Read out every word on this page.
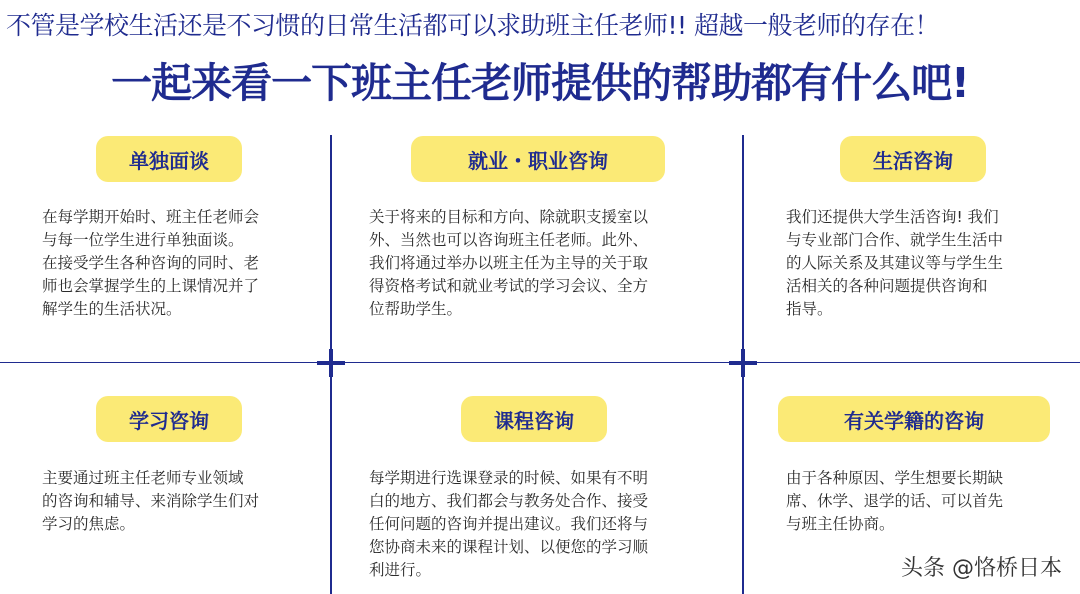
不管是学校生活还是不习惯的日常生活都可以求助班主任老师!! 超越一般老师的存在！
一起来看一下班主任老师提供的帮助都有什么吧!
单独面谈
在每学期开始时、班主任老师会
与每一位学生进行单独面谈。
在接受学生各种咨询的同时、老
师也会掌握学生的上课情况并了
解学生的生活状况。
就业・职业咨询
关于将来的目标和方向、除就职支援室以
外、当然也可以咨询班主任老师。此外、
我们将通过举办以班主任为主导的关于取
得资格考试和就业考试的学习会议、全方
位帮助学生。
生活咨询
我们还提供大学生活咨询! 我们
与专业部门合作、就学生生活中
的人际关系及其建议等与学生生
活相关的各种问题提供咨询和
指导。
学习咨询
主要通过班主任老师专业领域
的咨询和辅导、来消除学生们对
学习的焦虑。
课程咨询
每学期进行选课登录的时候、如果有不明
白的地方、我们都会与教务处合作、接受
任何问题的咨询并提出建议。我们还将与
您协商未来的课程计划、以便您的学习顺
利进行。
有关学籍的咨询
由于各种原因、学生想要长期缺
席、休学、退学的话、可以首先
与班主任协商。
头条 @恪桥日本
